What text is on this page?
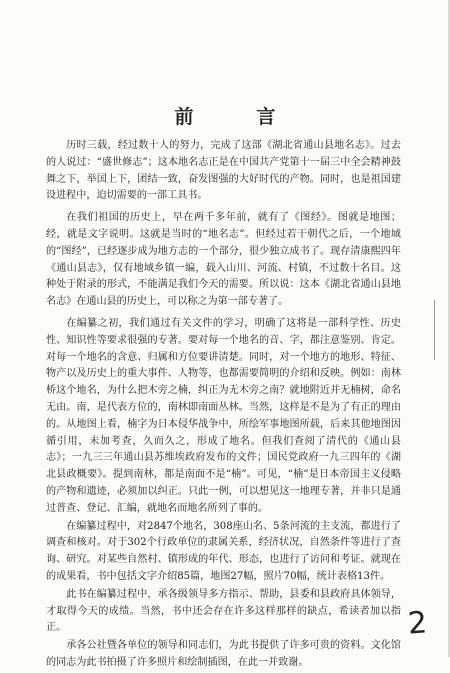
前　言

历时三载，经过数十人的努力，完成了这部《湖北省通山县地名志》。过去的人说过：“盛世修志”；这本地名志正是在中国共产党第十一届三中全会精神鼓舞之下，举国上下，团结一致，奋发图强的大好时代的产物。同时，也是祖国建设进程中，迫切需要的一部工具书。

在我们祖国的历史上，早在两千多年前，就有了《图经》。图就是地图；经，就是文字说明。这就是当时的“地名志”。但经过若干朝代之后，一个地域的“图经”，已经逐步成为地方志的一个部分，很少独立成书了。现存清康熙四年《通山县志》，仅有地域乡镇一编，载入山川、河流、村镇，不过数十名目。这种处于附录的形式，不能满足我们今天的需要。所以说：这本《湖北省通山县地名志》在通山县的历史上，可以称之为第一部专著了。

在编纂之初，我们通过有关文件的学习，明确了这将是一部科学性、历史性、知识性等要求很强的专著。要对每一个地名的音、字，都注意鉴别、肯定。对每一个地名的含意、归属和方位要讲清楚。同时，对一个地方的地形、特征、物产以及历史上的重大事件、人物等，也都需要简明的介绍和反映。例如：南林桥这个地名，为什么把木旁之楠，纠正为无木旁之南？就地附近并无楠树，命名无由。南，是代表方位的，南林即南面丛林。当然，这样是不是为了有正的理由的。从地图上看，楠字为日本侵华战争中，所绘军事地图所载，后来其他地图因循引用，未加考查，久而久之，形成了地名。但我们查阅了清代的《通山县志》；一九三三年通山县苏维埃政府发布的文件；国民党政府一九三四年的《湖北县政概要》。提到南林，都是南面不是“楠”。可见，“楠”是日本帝国主义侵略的产物和遗迹，必须加以纠正。只此一例，可以想见这一地理专著，并非只是通过普查、登记、汇编，就地名而地名所列了事的。

在编纂过程中，对2847个地名，308座山名、5条河流的主支流，都进行了调查和核对。对于302个行政单位的隶属关系，经济状况，自然条件等进行了查询、研究。对某些自然村、镇形成的年代、形态，也进行了访问和考证。就现在的成果看，书中包括文字介绍85篇，地图27幅，照片70幅，统计表格13件。

此书在编纂过程中，承各级领导多方指示、帮助，县委和县政府具体领导，才取得今天的成绩。当然，书中还会存在许多这样那样的缺点，希读者加以指正。

承各公社暨各单位的领导和同志们，为此书提供了许多可贵的资料。文化馆的同志为此书拍摄了许多照片和绘制插图，在此一并致谢。

2
